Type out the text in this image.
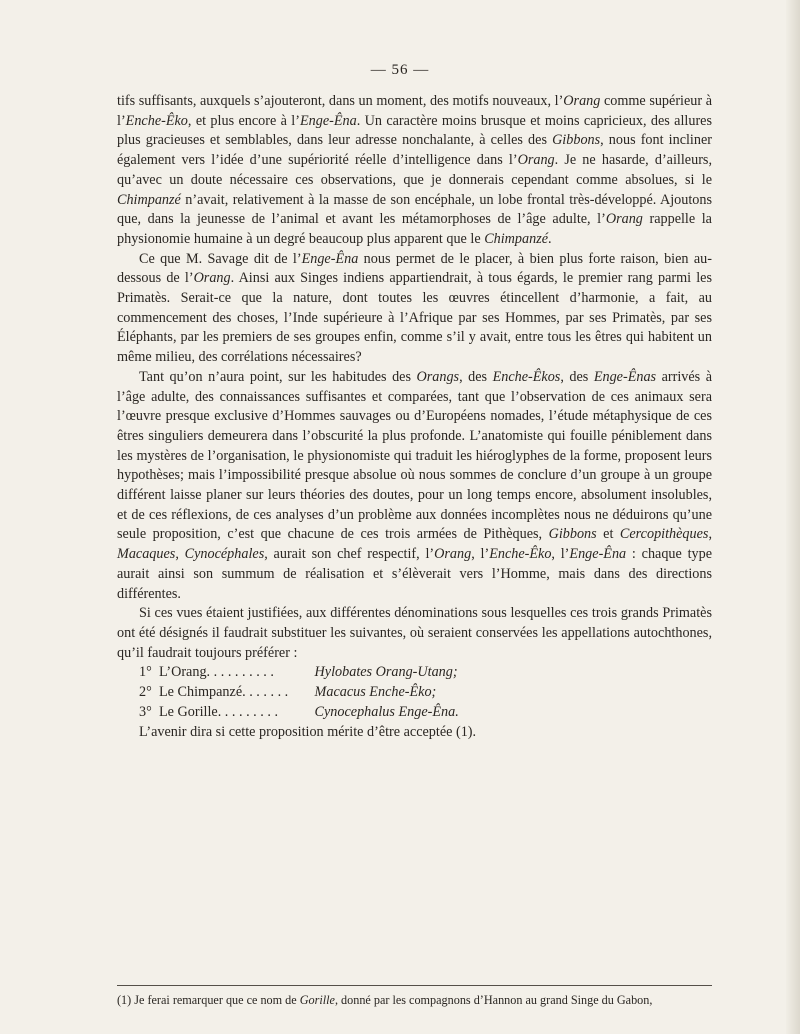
— 56 —

tifs suffisants, auxquels s’ajouteront, dans un moment, des motifs nouveaux, l’Orang comme supérieur à l’Enche-Êko, et plus encore à l’Enge-Êna. Un caractère moins brusque et moins capricieux, des allures plus gracieuses et semblables, dans leur adresse nonchalante, à celles des Gibbons, nous font incliner également vers l’idée d’une supériorité réelle d’intelligence dans l’Orang. Je ne hasarde, d’ailleurs, qu’avec un doute nécessaire ces observations, que je donnerais cependant comme absolues, si le Chimpanzé n’avait, relativement à la masse de son encéphale, un lobe frontal très-développé. Ajoutons que, dans la jeunesse de l’animal et avant les métamorphoses de l’âge adulte, l’Orang rappelle la physionomie humaine à un degré beaucoup plus apparent que le Chimpanzé.

Ce que M. Savage dit de l’Enge-Êna nous permet de le placer, à bien plus forte raison, bien au-dessous de l’Orang. Ainsi aux Singes indiens appartiendrait, à tous égards, le premier rang parmi les Primatès. Serait-ce que la nature, dont toutes les œuvres étincellent d’harmonie, a fait, au commencement des choses, l’Inde supérieure à l’Afrique par ses Hommes, par ses Primatès, par ses Éléphants, par les premiers de ses groupes enfin, comme s’il y avait, entre tous les êtres qui habitent un même milieu, des corrélations nécessaires?

Tant qu’on n’aura point, sur les habitudes des Orangs, des Enche-Êkos, des Enge-Ênas arrivés à l’âge adulte, des connaissances suffisantes et comparées, tant que l’observation de ces animaux sera l’œuvre presque exclusive d’Hommes sauvages ou d’Européens nomades, l’étude métaphysique de ces êtres singuliers demeurera dans l’obscurité la plus profonde. L’anatomiste qui fouille péniblement dans les mystères de l’organisation, le physionomiste qui traduit les hiéroglyphes de la forme, proposent leurs hypothèses; mais l’impossibilité presque absolue où nous sommes de conclure d’un groupe à un groupe différent laisse planer sur leurs théories des doutes, pour un long temps encore, absolument insolubles, et de ces réflexions, de ces analyses d’un problème aux données incomplètes nous ne déduirons qu’une seule proposition, c’est que chacune de ces trois armées de Pithèques, Gibbons et Cercopithèques, Macaques, Cynocéphales, aurait son chef respectif, l’Orang, l’Enche-Êko, l’Enge-Êna : chaque type aurait ainsi son summum de réalisation et s’élèverait vers l’Homme, mais dans des directions différentes.

Si ces vues étaient justifiées, aux différentes dénominations sous lesquelles ces trois grands Primatès ont été désignés il faudrait substituer les suivantes, où seraient conservées les appellations autochthones, qu’il faudrait toujours préférer :

1° L’Orang. . . . . . . . . .	Hylobates Orang-Utang;
2° Le Chimpanzé. . . . . . . Macacus Enche-Êko;
3° Le Gorille. . . . . . . . .	Cynocephalus Enge-Êna.

L’avenir dira si cette proposition mérite d’être acceptée (1).

(1) Je ferai remarquer que ce nom de Gorille, donné par les compagnons d’Hannon au grand Singe du Gabon,
